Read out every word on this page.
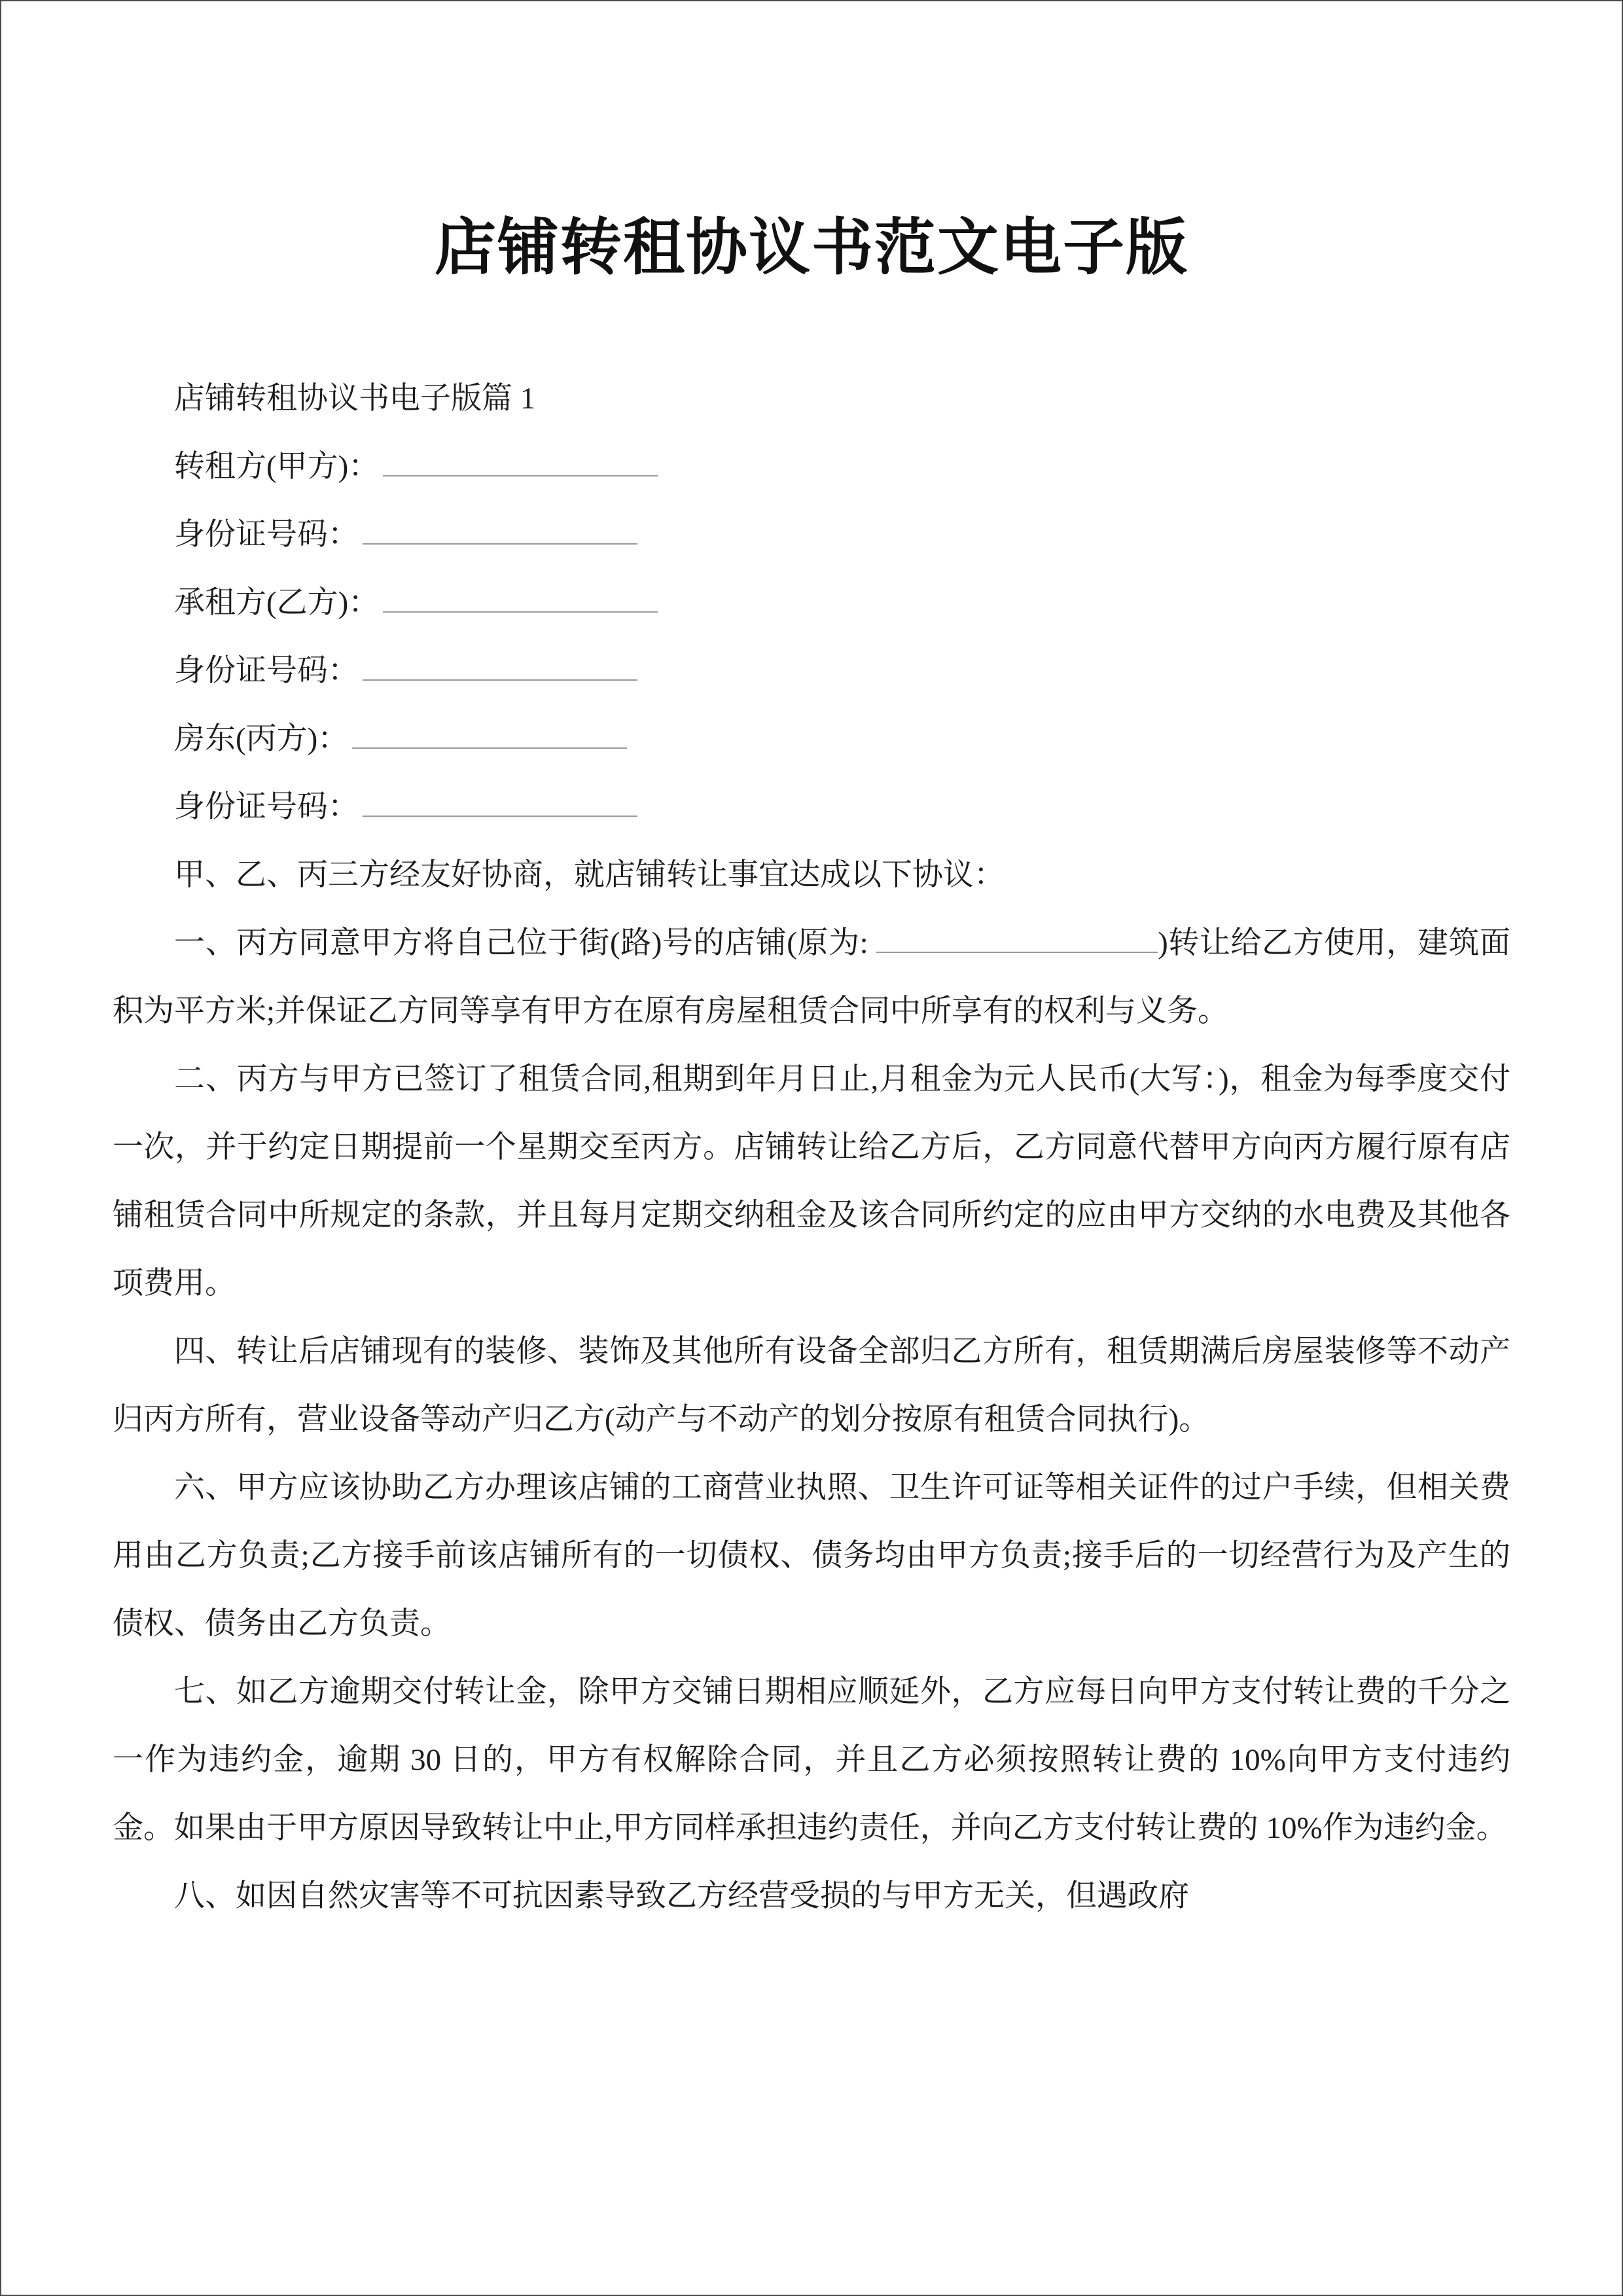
店铺转租协议书范文电子版

店铺转租协议书电子版篇 1

转租方(甲方)：

身份证号码：

承租方(乙方)：

身份证号码：

房东(丙方)：

身份证号码：

甲、乙、丙三方经友好协商，就店铺转让事宜达成以下协议：

一、丙方同意甲方将自己位于街(路)号的店铺(原为:	)转让给乙方使用，建筑面积为平方米;并保证乙方同等享有甲方在原有房屋租赁合同中所享有的权利与义务。

二、丙方与甲方已签订了租赁合同,租期到年月日止,月租金为元人民币(大写：)，租金为每季度交付一次，并于约定日期提前一个星期交至丙方。店铺转让给乙方后，乙方同意代替甲方向丙方履行原有店铺租赁合同中所规定的条款，并且每月定期交纳租金及该合同所约定的应由甲方交纳的水电费及其他各项费用。

四、转让后店铺现有的装修、装饰及其他所有设备全部归乙方所有，租赁期满后房屋装修等不动产归丙方所有，营业设备等动产归乙方(动产与不动产的划分按原有租赁合同执行)。

六、甲方应该协助乙方办理该店铺的工商营业执照、卫生许可证等相关证件的过户手续，但相关费用由乙方负责;乙方接手前该店铺所有的一切债权、债务均由甲方负责;接手后的一切经营行为及产生的债权、债务由乙方负责。

七、如乙方逾期交付转让金，除甲方交铺日期相应顺延外，乙方应每日向甲方支付转让费的千分之一作为违约金，逾期 30 日的，甲方有权解除合同，并且乙方必须按照转让费的 10%向甲方支付违约金。如果由于甲方原因导致转让中止,甲方同样承担违约责任，并向乙方支付转让费的 10%作为违约金。

八、如因自然灾害等不可抗因素导致乙方经营受损的与甲方无关，但遇政府
